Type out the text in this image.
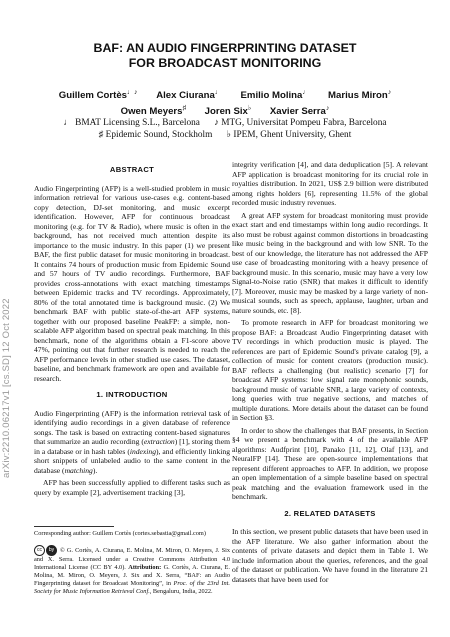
arXiv:2210.06217v1 [cs.SD] 12 Oct 2022
BAF: AN AUDIO FINGERPRINTING DATASET
FOR BROADCAST MONITORING
Guillem Cortès♩♪ Alex Ciurana♩ Emilio Molina♩ Marius Miron♪
Owen Meyers♯ Joren Six♭ Xavier Serra♪
♩ BMAT Licensing S.L., Barcelona ♪ MTG, Universitat Pompeu Fabra, Barcelona
♯ Epidemic Sound, Stockholm ♭ IPEM, Ghent University, Ghent
ABSTRACT

Audio Fingerprinting (AFP) is a well-studied problem in music information retrieval for various use-cases e.g. content-based copy detection, DJ-set monitoring, and music excerpt identification. However, AFP for continuous broadcast monitoring (e.g. for TV & Radio), where music is often in the background, has not received much attention despite its importance to the music industry. In this paper (1) we present BAF, the first public dataset for music monitoring in broadcast. It contains 74 hours of production music from Epidemic Sound and 57 hours of TV audio recordings. Furthermore, BAF provides cross-annotations with exact matching timestamps between Epidemic tracks and TV recordings. Approximately, 80% of the total annotated time is background music. (2) We benchmark BAF with public state-of-the-art AFP systems, together with our proposed baseline PeakFP: a simple, non-scalable AFP algorithm based on spectral peak matching. In this benchmark, none of the algorithms obtain a F1-score above 47%, pointing out that further research is needed to reach the AFP performance levels in other studied use cases. The dataset, baseline, and benchmark framework are open and available for research.

1. INTRODUCTION

Audio Fingerprinting (AFP) is the information retrieval task of identifying audio recordings in a given database of reference songs. The task is based on extracting content-based signatures that summarize an audio recording (extraction) [1], storing them in a database or in hash tables (indexing), and efficiently linking short snippets of unlabeled audio to the same content in the database (matching).

AFP has been successfully applied to different tasks such as query by example [2], advertisement tracking [3],

Corresponding author: Guillem Cortès (cortes.sebastia@gmail.com)
cc	by © G. Cortès, A. Ciurana, E. Molina, M. Miron, O. Meyers, J. Six and X. Serra. Licensed under a Creative Commons Attribution 4.0 International License (CC BY 4.0). Attribution: G. Cortès, A. Ciurana, E. Molina, M. Miron, O. Meyers, J. Six and X. Serra, “BAF: an Audio Fingerprinting dataset for Broadcast Monitoring”, in Proc. of the 23rd Int. Society for Music Information Retrieval Conf., Bengaluru, India, 2022.

integrity verification [4], and data deduplication [5]. A relevant AFP application is broadcast monitoring for its crucial role in royalties distribution. In 2021, US$ 2.9 billion were distributed among rights holders [6], representing 11.5% of the global recorded music industry revenues.

A great AFP system for broadcast monitoring must provide exact start and end timestamps within long audio recordings. It also must be robust against common distortions in broadcasting like music being in the background and with low SNR. To the best of our knowledge, the literature has not addressed the AFP use case of broadcasting monitoring with a heavy presence of background music. In this scenario, music may have a very low Signal-to-Noise ratio (SNR) that makes it difficult to identify [7]. Moreover, music may be masked by a large variety of non-musical sounds, such as speech, applause, laughter, urban and nature sounds, etc. [8].

To promote research in AFP for broadcast monitoring we propose BAF: a Broadcast Audio Fingerprinting dataset with TV recordings in which production music is played. The references are part of Epidemic Sound's private catalog [9], a collection of music for content creators (production music). BAF reflects a challenging (but realistic) scenario [7] for broadcast AFP systems: low signal rate monophonic sounds, background music of variable SNR, a large variety of contexts, long queries with true negative sections, and matches of multiple durations. More details about the dataset can be found in Section §3.

In order to show the challenges that BAF presents, in Section §4 we present a benchmark with 4 of the available AFP algorithms: Audfprint [10], Panako [11, 12], Olaf [13], and NeuralFP [14]. These are open-source implementations that represent different approaches to AFP. In addition, we propose an open implementation of a simple baseline based on spectral peak matching and the evaluation framework used in the benchmark.

2. RELATED DATASETS

In this section, we present public datasets that have been used in the AFP literature. We also gather information about the contents of private datasets and depict them in Table 1. We include information about the queries, references, and the goal of the dataset or publication. We have found in the literature 21 datasets that have been used for
